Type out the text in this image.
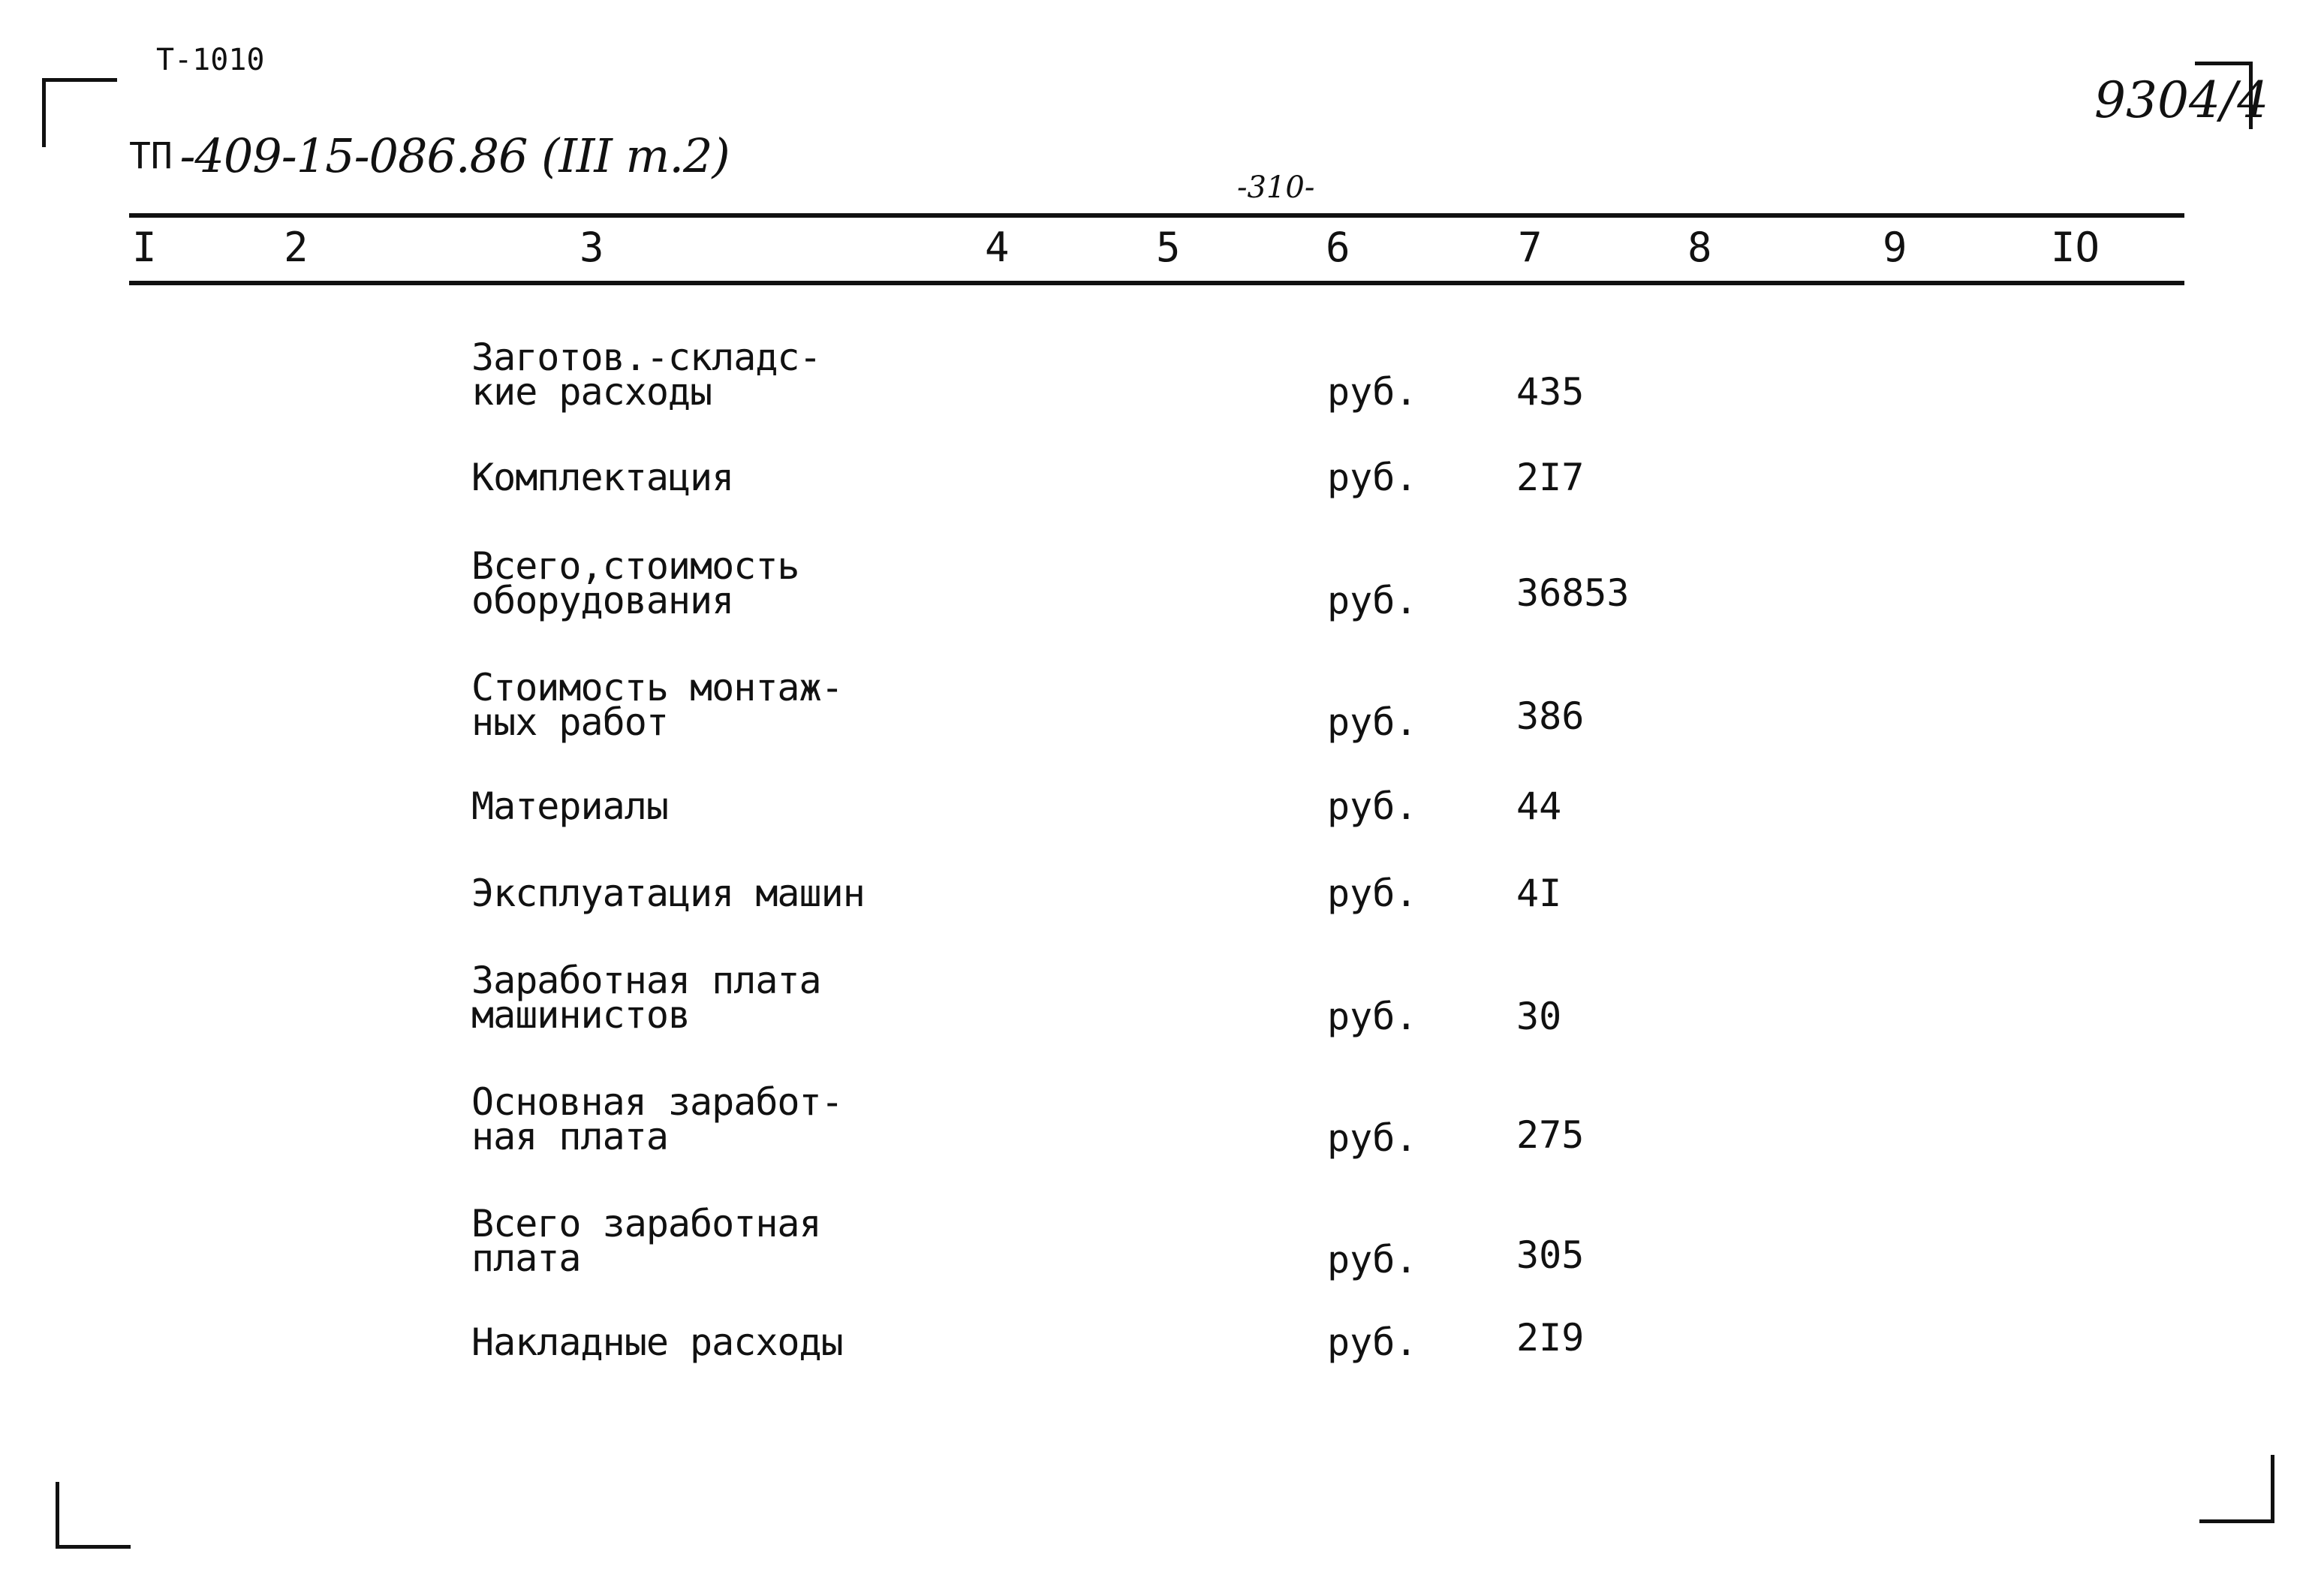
Т-1010
ТП -409-15-086.86 (III т.2)
9304/4
-310-
I	2	3	4	5	6	7	8	9	IO
Заготов.-складс-
кие расходы	руб.	435
Комплектация	руб.	2I7
Всего,стоимость
оборудования	руб.	36853
Стоимость монтаж-
ных работ	руб.	386
Материалы	руб.	44
Эксплуатация машин	руб.	4I
Заработная плата
машинистов	руб.	30
Основная заработ-
ная плата	руб.	275
Всего заработная
плата	руб.	305
Накладные расходы	руб.	2I9
